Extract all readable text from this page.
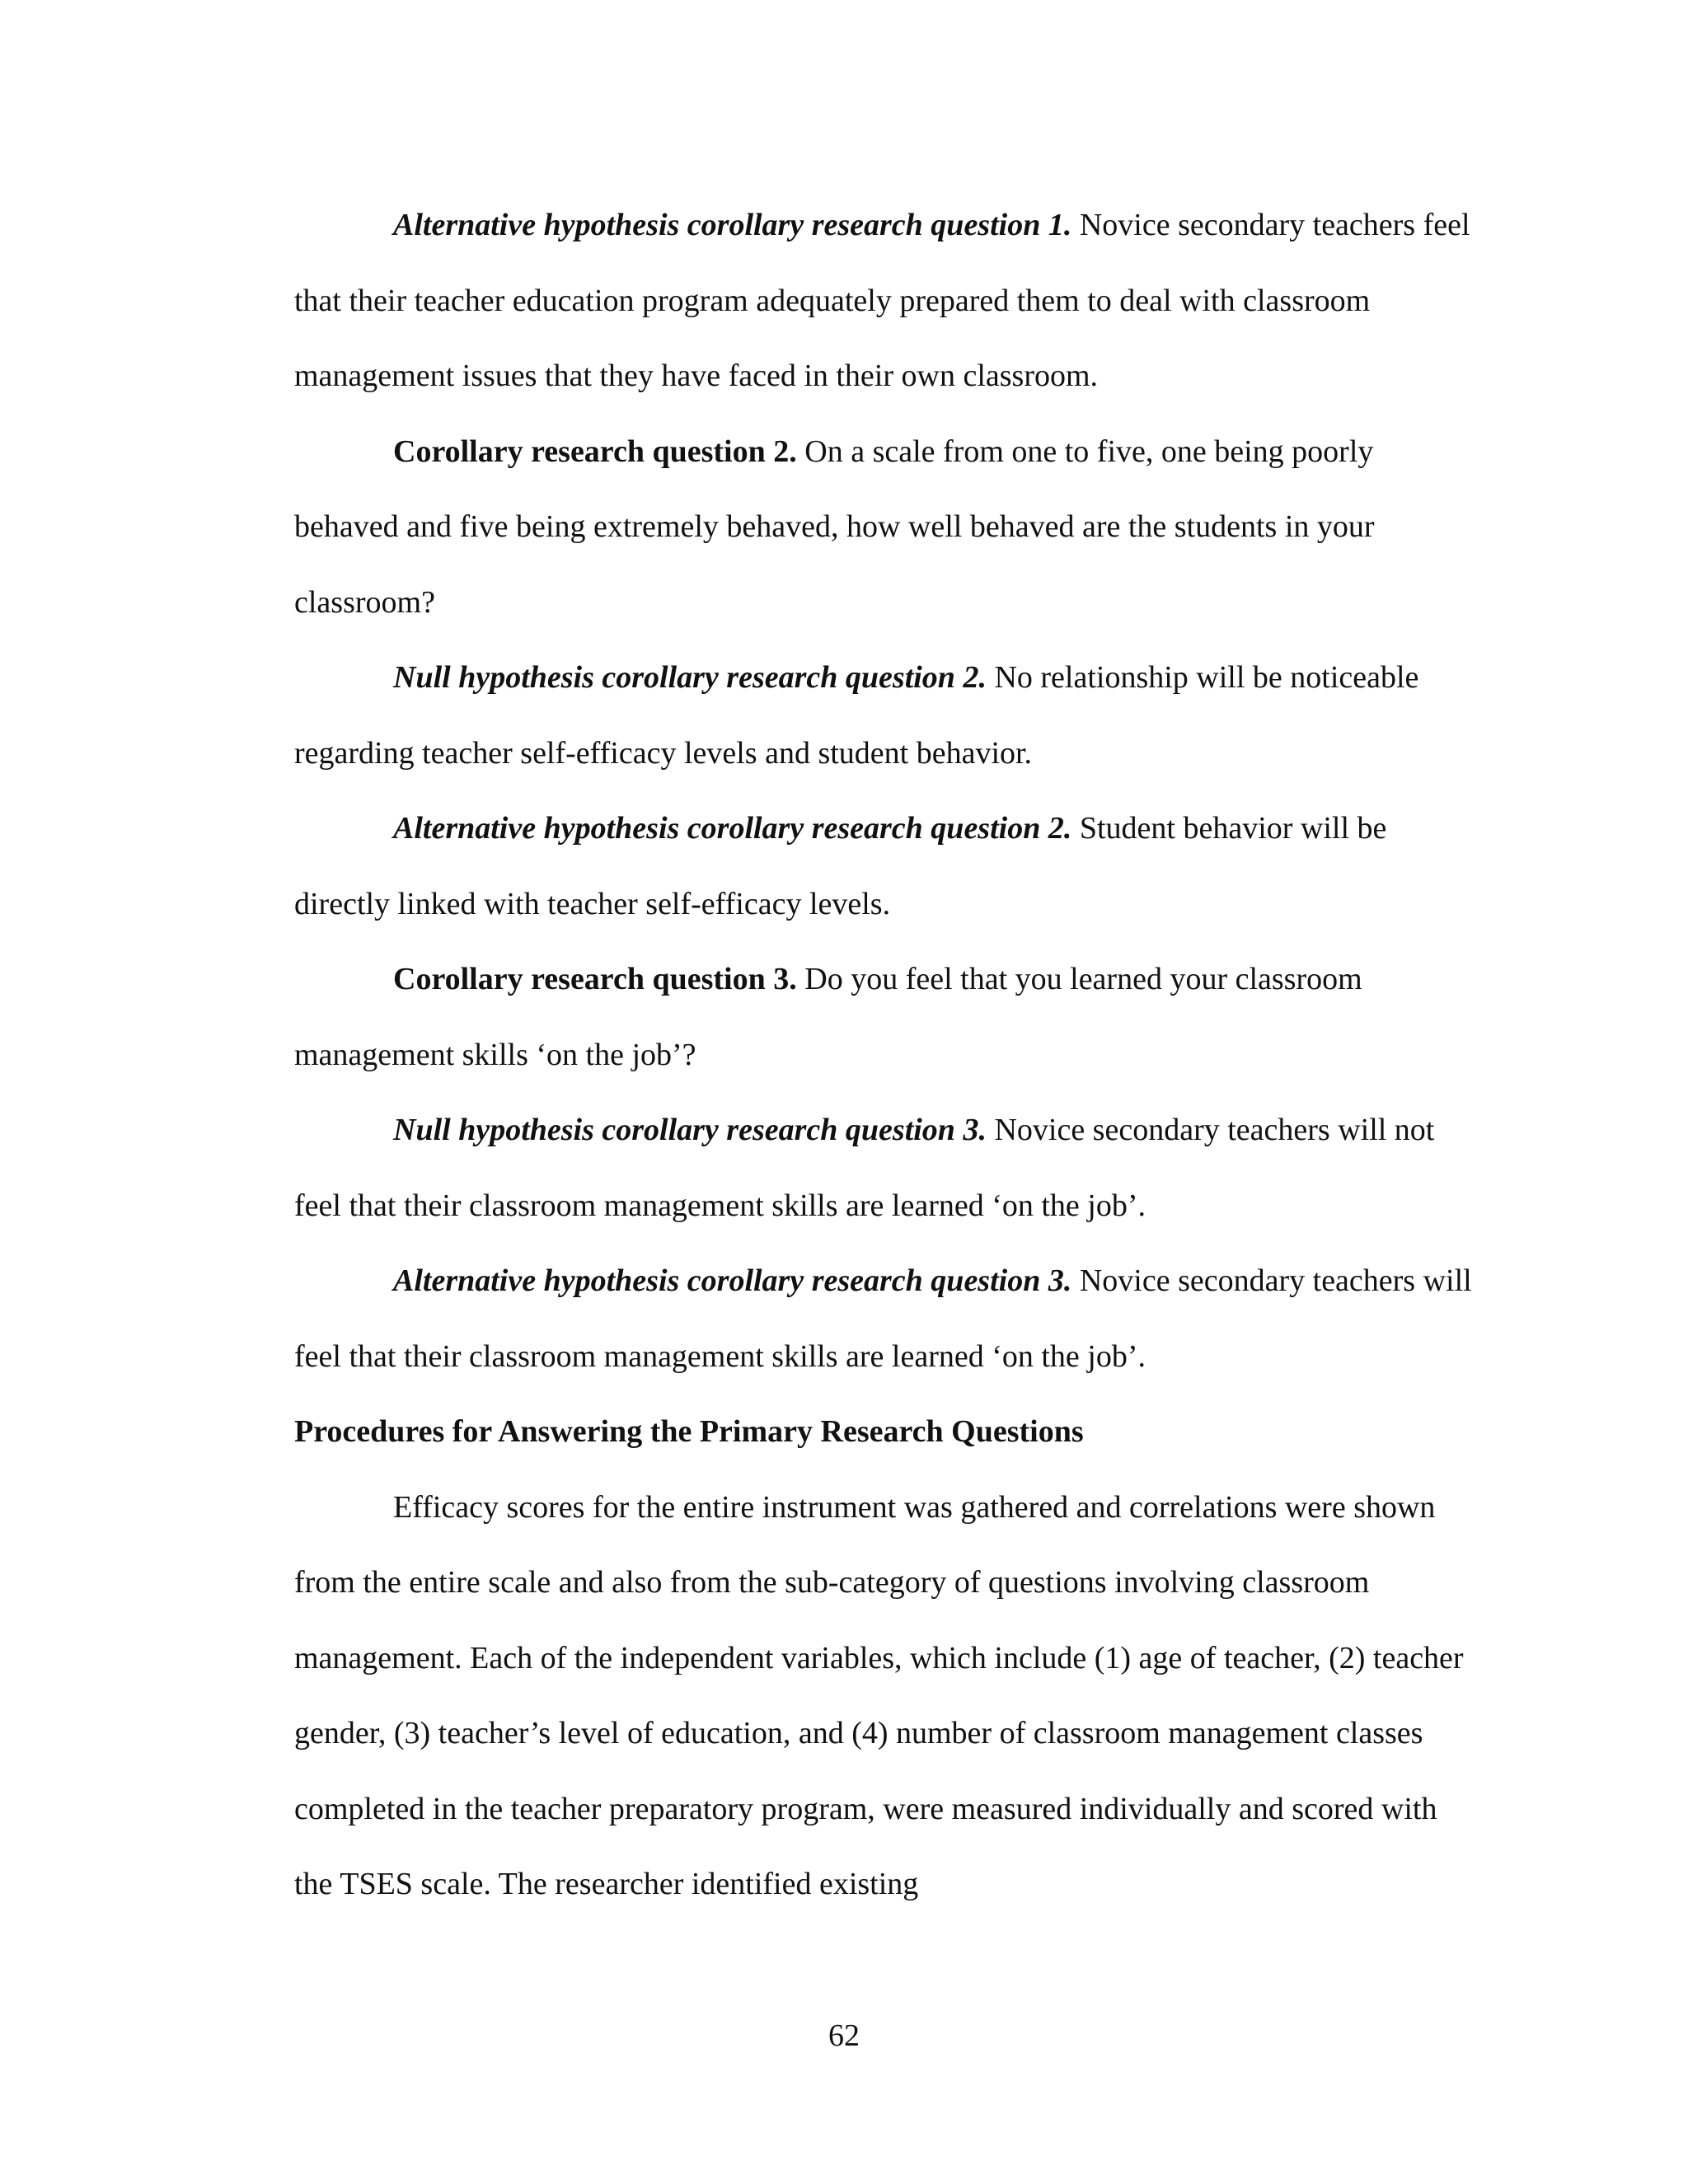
Alternative hypothesis corollary research question 1. Novice secondary teachers feel that their teacher education program adequately prepared them to deal with classroom management issues that they have faced in their own classroom.

Corollary research question 2. On a scale from one to five, one being poorly behaved and five being extremely behaved, how well behaved are the students in your classroom?

Null hypothesis corollary research question 2. No relationship will be noticeable regarding teacher self-efficacy levels and student behavior.

Alternative hypothesis corollary research question 2. Student behavior will be directly linked with teacher self-efficacy levels.

Corollary research question 3. Do you feel that you learned your classroom management skills ‘on the job’?

Null hypothesis corollary research question 3. Novice secondary teachers will not feel that their classroom management skills are learned ‘on the job’.

Alternative hypothesis corollary research question 3. Novice secondary teachers will feel that their classroom management skills are learned ‘on the job’.

Procedures for Answering the Primary Research Questions

Efficacy scores for the entire instrument was gathered and correlations were shown from the entire scale and also from the sub-category of questions involving classroom management. Each of the independent variables, which include (1) age of teacher, (2) teacher gender, (3) teacher’s level of education, and (4) number of classroom management classes completed in the teacher preparatory program, were measured individually and scored with the TSES scale. The researcher identified existing

62
